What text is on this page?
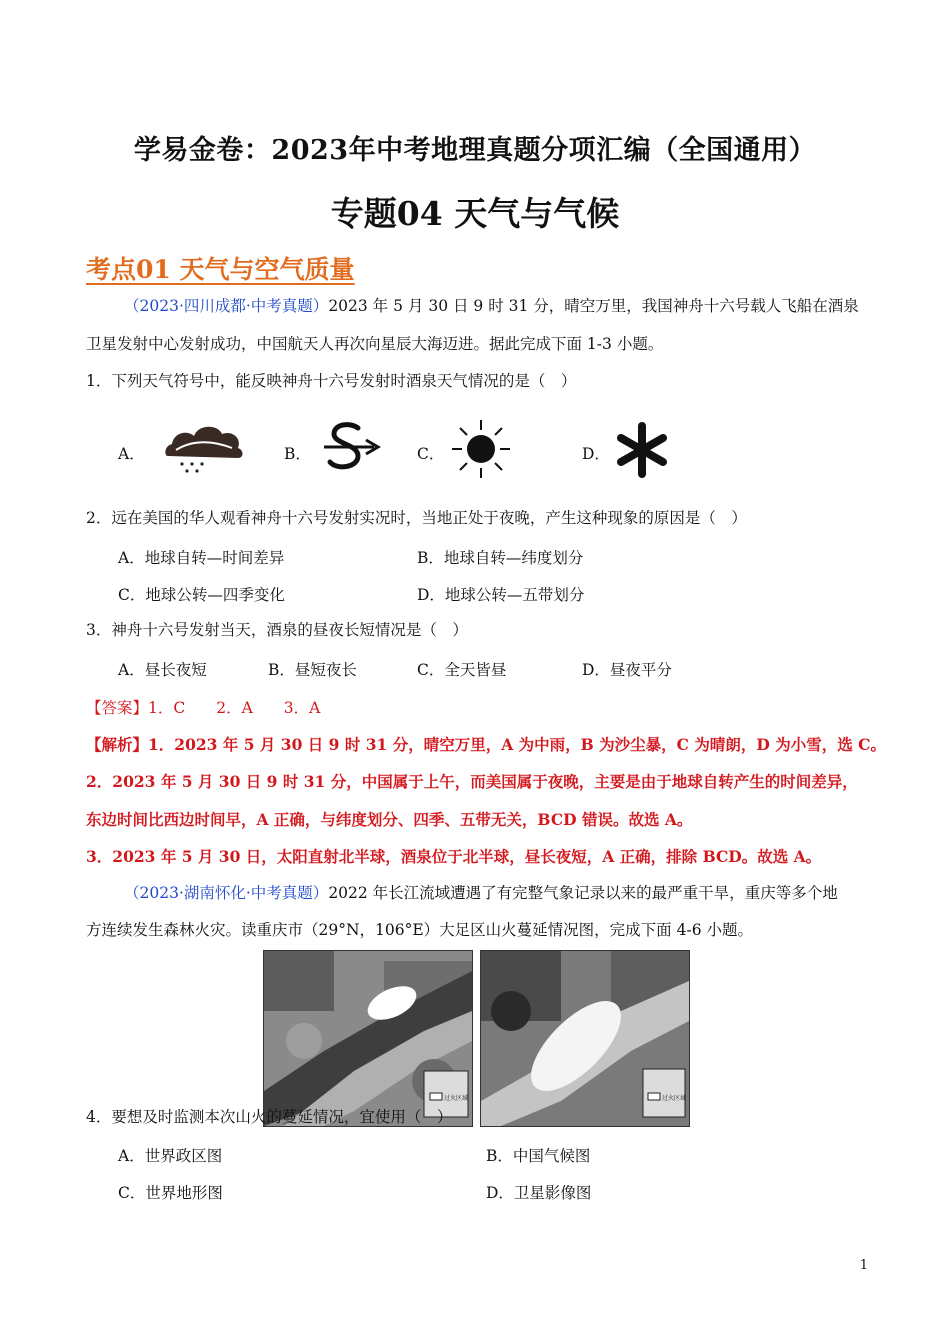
学易金卷：2023年中考地理真题分项汇编（全国通用）
专题04 天气与气候
考点01 天气与空气质量
（2023·四川成都·中考真题）2023 年 5 月 30 日 9 时 31 分，晴空万里，我国神舟十六号载人飞船在酒泉
卫星发射中心发射成功，中国航天人再次向星辰大海迈进。据此完成下面 1-3 小题。
1．下列天气符号中，能反映神舟十六号发射时酒泉天气情况的是（　）
A．	B．	C．	D．
2．远在美国的华人观看神舟十六号发射实况时，当地正处于夜晚，产生这种现象的原因是（　）
A．地球自转—时间差异	B．地球自转—纬度划分
C．地球公转—四季变化	D．地球公转—五带划分
3．神舟十六号发射当天，酒泉的昼夜长短情况是（　）
A．昼长夜短	B．昼短夜长	C．全天皆昼	D．昼夜平分
【答案】1．C　　2．A　　3．A
【解析】1．2023 年 5 月 30 日 9 时 31 分，晴空万里，A 为中雨，B 为沙尘暴，C 为晴朗，D 为小雪，选 C。
2．2023 年 5 月 30 日 9 时 31 分，中国属于上午，而美国属于夜晚，主要是由于地球自转产生的时间差异，
东边时间比西边时间早，A 正确，与纬度划分、四季、五带无关，BCD 错误。故选 A。
3．2023 年 5 月 30 日，太阳直射北半球，酒泉位于北半球，昼长夜短，A 正确，排除 BCD。故选 A。
（2023·湖南怀化·中考真题）2022 年长江流域遭遇了有完整气象记录以来的最严重干旱，重庆等多个地
方连续发生森林火灾。读重庆市（29°N，106°E）大足区山火蔓延情况图，完成下面 4-6 小题。
过火区域	过火区域
4．要想及时监测本次山火的蔓延情况，宜使用（　）
A．世界政区图	B．中国气候图
C．世界地形图	D．卫星影像图
1
